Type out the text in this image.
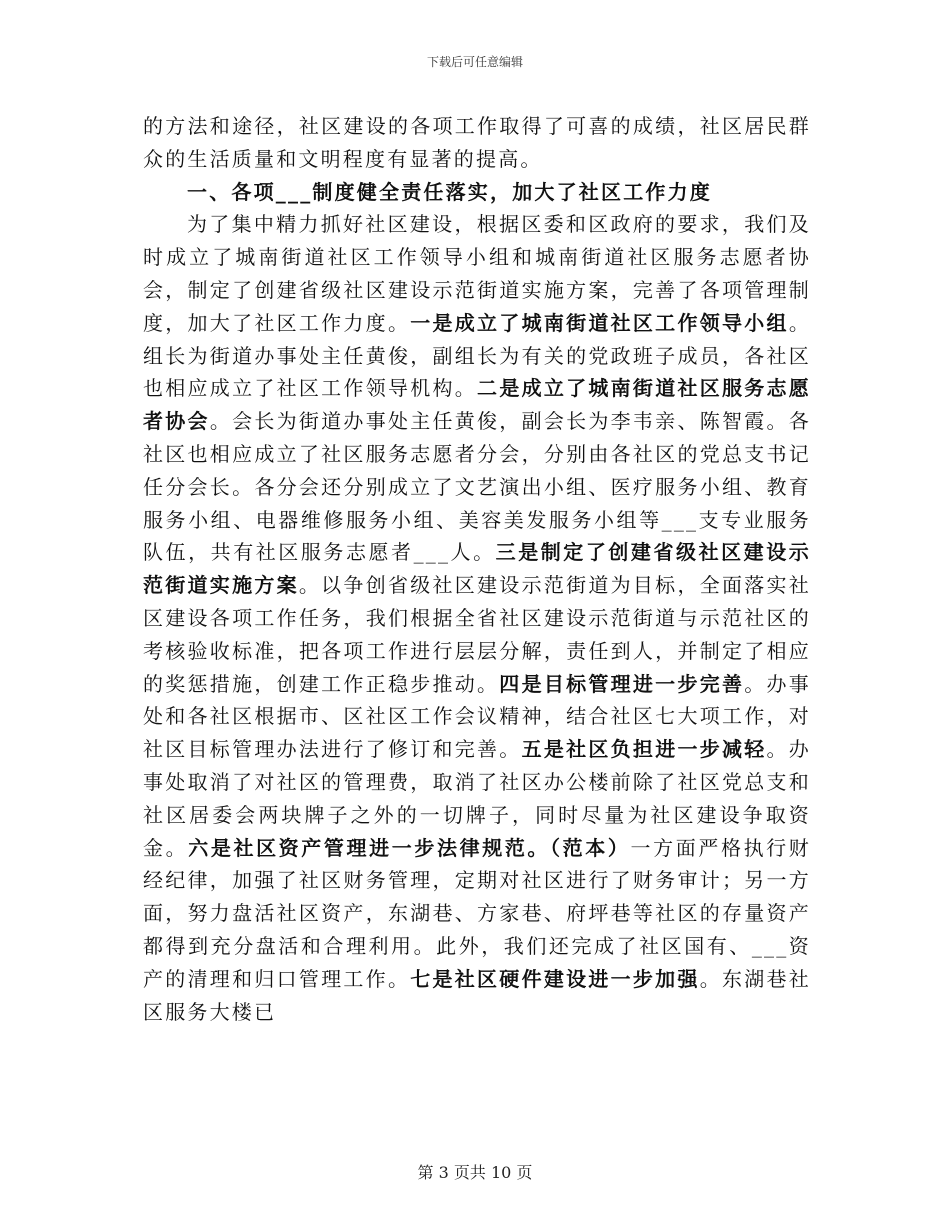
下载后可任意编辑

的方法和途径，社区建设的各项工作取得了可喜的成绩，社区居民群众的生活质量和文明程度有显著的提高。

一、各项___制度健全责任落实，加大了社区工作力度

为了集中精力抓好社区建设，根据区委和区政府的要求，我们及时成立了城南街道社区工作领导小组和城南街道社区服务志愿者协会，制定了创建省级社区建设示范街道实施方案，完善了各项管理制度，加大了社区工作力度。一是成立了城南街道社区工作领导小组。组长为街道办事处主任黄俊，副组长为有关的党政班子成员，各社区也相应成立了社区工作领导机构。二是成立了城南街道社区服务志愿者协会。会长为街道办事处主任黄俊，副会长为李韦亲、陈智霞。各社区也相应成立了社区服务志愿者分会，分别由各社区的党总支书记任分会长。各分会还分别成立了文艺演出小组、医疗服务小组、教育服务小组、电器维修服务小组、美容美发服务小组等___支专业服务队伍，共有社区服务志愿者___人。三是制定了创建省级社区建设示范街道实施方案。以争创省级社区建设示范街道为目标，全面落实社区建设各项工作任务，我们根据全省社区建设示范街道与示范社区的考核验收标准，把各项工作进行层层分解，责任到人，并制定了相应的奖惩措施，创建工作正稳步推动。四是目标管理进一步完善。办事处和各社区根据市、区社区工作会议精神，结合社区七大项工作，对社区目标管理办法进行了修订和完善。五是社区负担进一步减轻。办事处取消了对社区的管理费，取消了社区办公楼前除了社区党总支和社区居委会两块牌子之外的一切牌子，同时尽量为社区建设争取资金。六是社区资产管理进一步法律规范。（范本）一方面严格执行财经纪律，加强了社区财务管理，定期对社区进行了财务审计；另一方面，努力盘活社区资产，东湖巷、方家巷、府坪巷等社区的存量资产都得到充分盘活和合理利用。此外，我们还完成了社区国有、___资产的清理和归口管理工作。七是社区硬件建设进一步加强。东湖巷社区服务大楼已

第 3 页共 10 页
